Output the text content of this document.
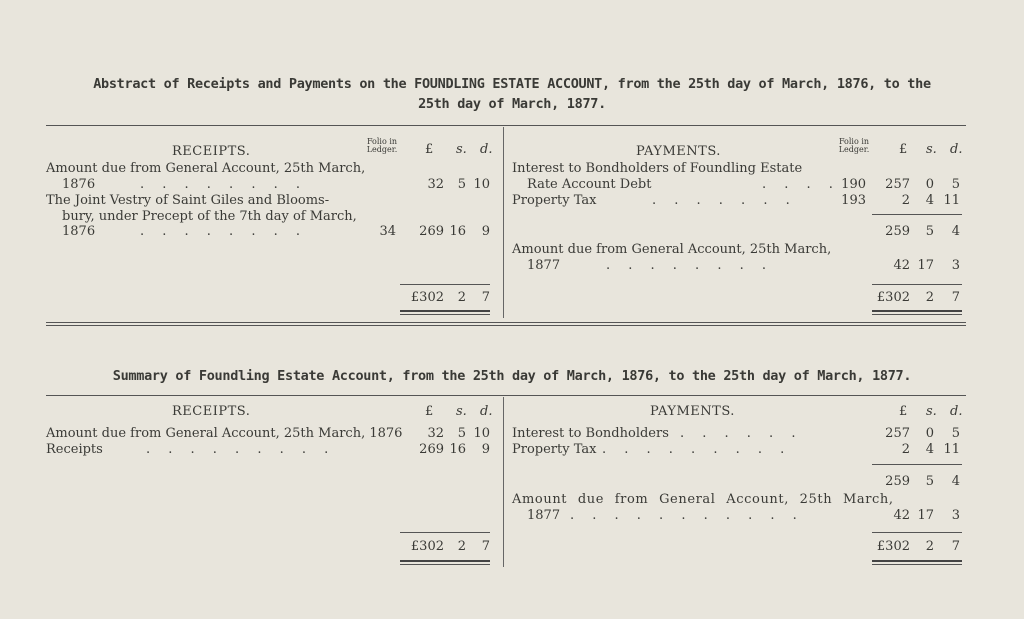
Abstract of Receipts and Payments on the FOUNDLING ESTATE ACCOUNT, from the 25th day of March, 1876, to the
25th day of March, 1877.
RECEIPTS.
Folio in
Ledger.	£ s. d.
Amount due from General Account, 25th March,
1876	. . . . . . . .	32	5 10
The Joint Vestry of Saint Giles and Blooms-
bury, under Precept of the 7th day of March,
1876	. . . . . . . .	34	269 16	9
£302	2	7
PAYMENTS.
Folio in
Ledger.	£ s. d.
Interest to Bondholders of Foundling Estate
Rate Account Debt	. . . . 190	257	0	5
Property Tax	. . . . . . .	193	2	4 11
259	5	4
Amount due from General Account, 25th March,
1877	. . . . . . . .	42 17	3
£302	2	7
Summary of Foundling Estate Account, from the 25th day of March, 1876, to the 25th day of March, 1877.
RECEIPTS.	£ s. d.
Amount due from General Account, 25th March, 1876	32	5 10
Receipts	. . . . . . . . .	269 16	9
£302	2	7
PAYMENTS.	£ s. d.
Interest to Bondholders . . . . . .	257	0	5
Property Tax . . . . . . . . .	2	4 11
259	5	4
Amount due from General Account, 25th March,
1877 . . . . . . . . . . .	42 17	3
£302	2	7
